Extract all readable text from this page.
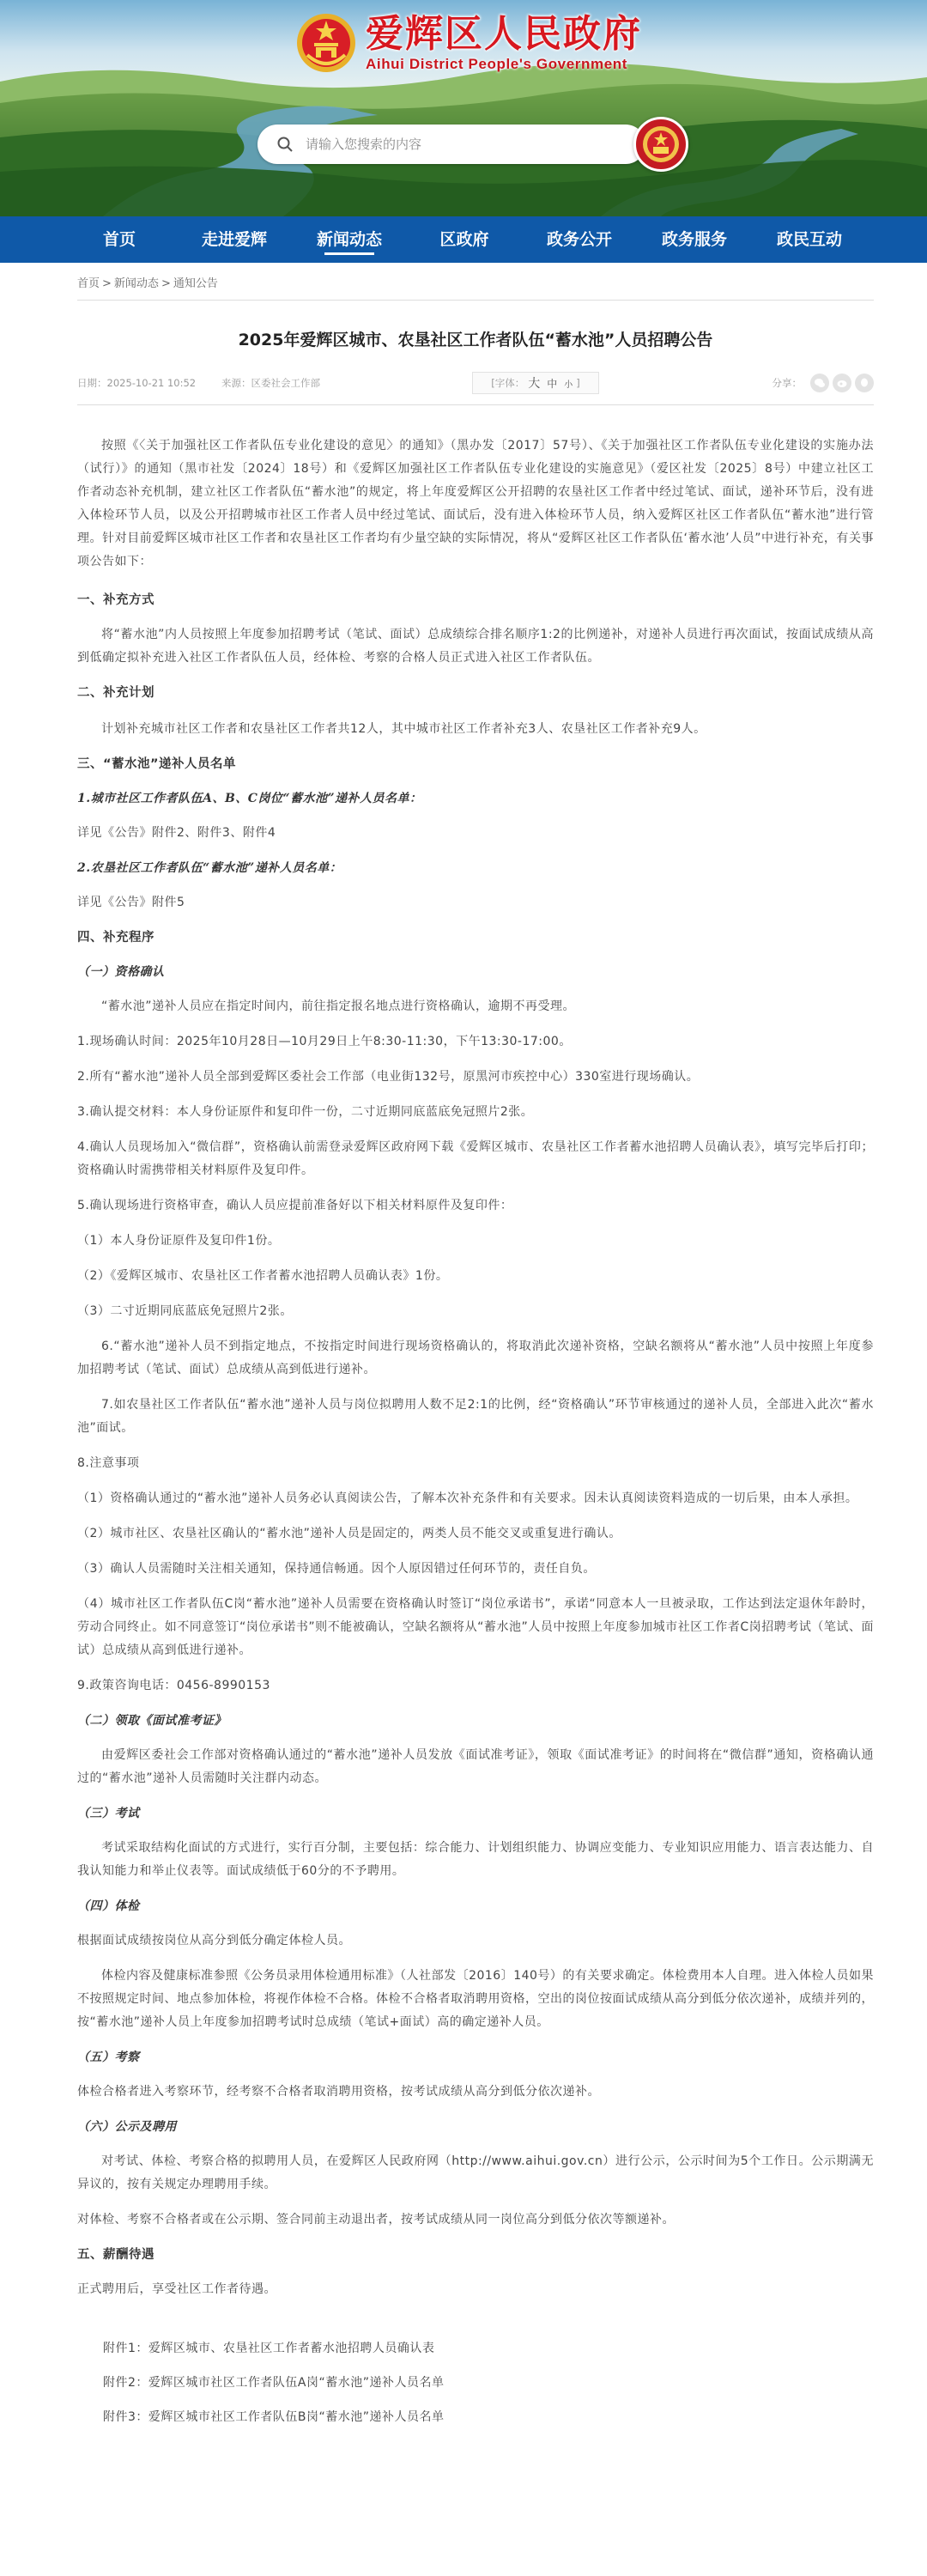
爱辉区人民政府
Aihui District People's Government
请输入您搜索的内容
首页	走进爱辉	新闻动态	区政府	政务公开	政务服务	政民互动
首页 > 新闻动态 > 通知公告
2025年爱辉区城市、农垦社区工作者队伍“蓄水池”人员招聘公告
日期：2025-10-21 10:52	来源：区委社会工作部	[字体： 大 中 小 ]	分享：
按照《〈关于加强社区工作者队伍专业化建设的意见〉的通知》（黑办发〔2017〕57号）、《关于加强社区工作者队伍专业化建设的实施办法（试行）》的通知（黑市社发〔2024〕18号）和《爱辉区加强社区工作者队伍专业化建设的实施意见》（爱区社发〔2025〕8号）中建立社区工作者动态补充机制，建立社区工作者队伍“蓄水池”的规定，将上年度爱辉区公开招聘的农垦社区工作者中经过笔试、面试，递补环节后，没有进入体检环节人员，以及公开招聘城市社区工作者人员中经过笔试、面试后，没有进入体检环节人员，纳入爱辉区社区工作者队伍“蓄水池”进行管理。针对目前爱辉区城市社区工作者和农垦社区工作者均有少量空缺的实际情况，将从“爱辉区社区工作者队伍‘蓄水池’人员”中进行补充，有关事项公告如下：
一、补充方式
将“蓄水池”内人员按照上年度参加招聘考试（笔试、面试）总成绩综合排名顺序1:2的比例递补，对递补人员进行再次面试，按面试成绩从高到低确定拟补充进入社区工作者队伍人员，经体检、考察的合格人员正式进入社区工作者队伍。
二、补充计划
计划补充城市社区工作者和农垦社区工作者共12人，其中城市社区工作者补充3人、农垦社区工作者补充9人。
三、“蓄水池”递补人员名单
1.城市社区工作者队伍A、B、C岗位“蓄水池”递补人员名单：
详见《公告》附件2、附件3、附件4
2.农垦社区工作者队伍“蓄水池”递补人员名单：
详见《公告》附件5
四、补充程序
（一）资格确认
“蓄水池”递补人员应在指定时间内，前往指定报名地点进行资格确认，逾期不再受理。
1.现场确认时间：2025年10月28日—10月29日上午8:30-11:30，下午13:30-17:00。
2.所有“蓄水池”递补人员全部到爱辉区委社会工作部（电业街132号，原黑河市疾控中心）330室进行现场确认。
3.确认提交材料：本人身份证原件和复印件一份，二寸近期同底蓝底免冠照片2张。
4.确认人员现场加入“微信群”，资格确认前需登录爱辉区政府网下载《爱辉区城市、农垦社区工作者蓄水池招聘人员确认表》，填写完毕后打印；资格确认时需携带相关材料原件及复印件。
5.确认现场进行资格审查，确认人员应提前准备好以下相关材料原件及复印件：
（1）本人身份证原件及复印件1份。
（2）《爱辉区城市、农垦社区工作者蓄水池招聘人员确认表》1份。
（3）二寸近期同底蓝底免冠照片2张。
6.“蓄水池”递补人员不到指定地点，不按指定时间进行现场资格确认的，将取消此次递补资格，空缺名额将从“蓄水池”人员中按照上年度参加招聘考试（笔试、面试）总成绩从高到低进行递补。
7.如农垦社区工作者队伍“蓄水池”递补人员与岗位拟聘用人数不足2:1的比例，经“资格确认”环节审核通过的递补人员，全部进入此次“蓄水池”面试。
8.注意事项
（1）资格确认通过的“蓄水池”递补人员务必认真阅读公告，了解本次补充条件和有关要求。因未认真阅读资料造成的一切后果，由本人承担。
（2）城市社区、农垦社区确认的“蓄水池”递补人员是固定的，两类人员不能交叉或重复进行确认。
（3）确认人员需随时关注相关通知，保持通信畅通。因个人原因错过任何环节的，责任自负。
（4）城市社区工作者队伍C岗“蓄水池”递补人员需要在资格确认时签订“岗位承诺书”，承诺“同意本人一旦被录取，工作达到法定退休年龄时，劳动合同终止。如不同意签订“岗位承诺书”则不能被确认，空缺名额将从“蓄水池”人员中按照上年度参加城市社区工作者C岗招聘考试（笔试、面试）总成绩从高到低进行递补。
9.政策咨询电话：0456-8990153
（二）领取《面试准考证》
由爱辉区委社会工作部对资格确认通过的“蓄水池”递补人员发放《面试准考证》，领取《面试准考证》的时间将在“微信群”通知，资格确认通过的“蓄水池”递补人员需随时关注群内动态。
（三）考试
考试采取结构化面试的方式进行，实行百分制，主要包括：综合能力、计划组织能力、协调应变能力、专业知识应用能力、语言表达能力、自我认知能力和举止仪表等。面试成绩低于60分的不予聘用。
（四）体检
根据面试成绩按岗位从高分到低分确定体检人员。
体检内容及健康标准参照《公务员录用体检通用标准》（人社部发〔2016〕140号）的有关要求确定。体检费用本人自理。进入体检人员如果不按照规定时间、地点参加体检，将视作体检不合格。体检不合格者取消聘用资格，空出的岗位按面试成绩从高分到低分依次递补，成绩并列的，按“蓄水池”递补人员上年度参加招聘考试时总成绩（笔试+面试）高的确定递补人员。
（五）考察
体检合格者进入考察环节，经考察不合格者取消聘用资格，按考试成绩从高分到低分依次递补。
（六）公示及聘用
对考试、体检、考察合格的拟聘用人员，在爱辉区人民政府网（http://www.aihui.gov.cn）进行公示，公示时间为5个工作日。公示期满无异议的，按有关规定办理聘用手续。
对体检、考察不合格者或在公示期、签合同前主动退出者，按考试成绩从同一岗位高分到低分依次等额递补。
五、薪酬待遇
正式聘用后，享受社区工作者待遇。
附件1：爱辉区城市、农垦社区工作者蓄水池招聘人员确认表
附件2：爱辉区城市社区工作者队伍A岗“蓄水池”递补人员名单
附件3：爱辉区城市社区工作者队伍B岗“蓄水池”递补人员名单
